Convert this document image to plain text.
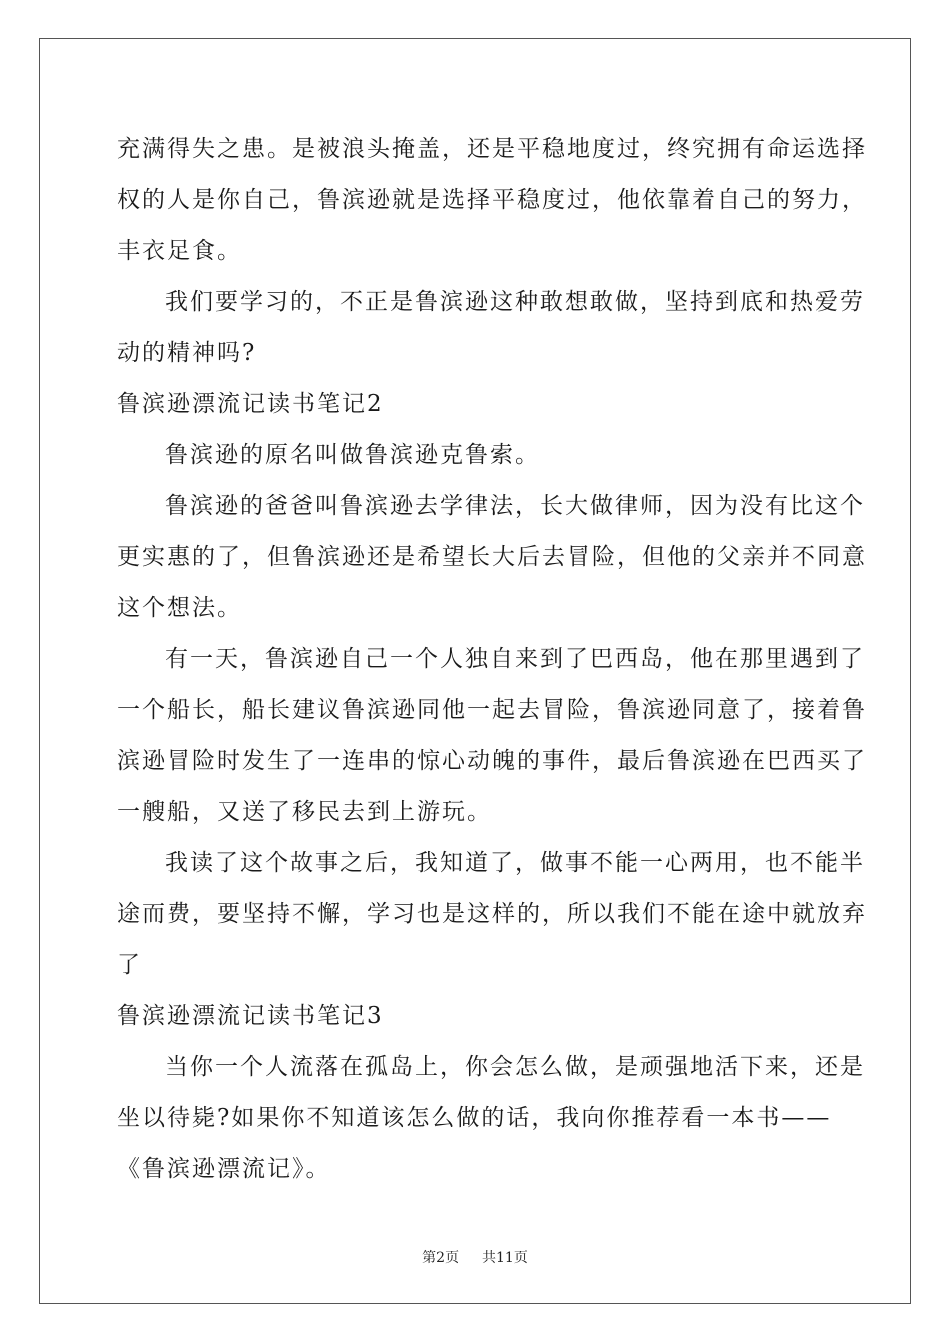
充满得失之患。是被浪头掩盖，还是平稳地度过，终究拥有命运选择
权的人是你自己，鲁滨逊就是选择平稳度过，他依靠着自己的努力，
丰衣足食。
我们要学习的，不正是鲁滨逊这种敢想敢做，坚持到底和热爱劳
动的精神吗?
鲁滨逊漂流记读书笔记2
鲁滨逊的原名叫做鲁滨逊克鲁索。
鲁滨逊的爸爸叫鲁滨逊去学律法，长大做律师，因为没有比这个
更实惠的了，但鲁滨逊还是希望长大后去冒险，但他的父亲并不同意
这个想法。
有一天，鲁滨逊自己一个人独自来到了巴西岛，他在那里遇到了
一个船长，船长建议鲁滨逊同他一起去冒险，鲁滨逊同意了，接着鲁
滨逊冒险时发生了一连串的惊心动魄的事件，最后鲁滨逊在巴西买了
一艘船，又送了移民去到上游玩。
我读了这个故事之后，我知道了，做事不能一心两用，也不能半
途而费，要坚持不懈，学习也是这样的，所以我们不能在途中就放弃
了
鲁滨逊漂流记读书笔记3
当你一个人流落在孤岛上，你会怎么做，是顽强地活下来，还是
坐以待毙?如果你不知道该怎么做的话，我向你推荐看一本书——
《鲁滨逊漂流记》。
第2页 共11页
